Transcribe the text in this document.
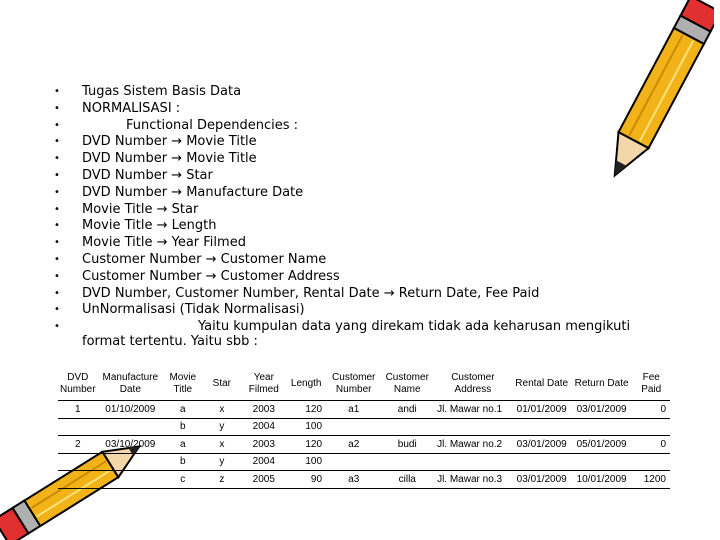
• Tugas Sistem Basis Data
• NORMALISASI :
•	Functional Dependencies :
• DVD Number → Movie Title
• DVD Number → Movie Title
• DVD Number → Star
• DVD Number → Manufacture Date
• Movie Title → Star
• Movie Title → Length
• Movie Title → Year Filmed
• Customer Number → Customer Name
• Customer Number → Customer Address
• DVD Number, Customer Number, Rental Date → Return Date, Fee Paid
• UnNormalisasi (Tidak Normalisasi)
•	Yaitu kumpulan data yang direkam tidak ada keharusan mengikuti
format tertentu. Yaitu sbb :
DVD Number	Manufacture Date	Movie Title	Star	Year Filmed	Length	Customer Number	Customer Name	Customer Address	Rental Date	Return Date	Fee Paid
1	01/10/2009	a	x	2003	120	a1	andi	Jl. Mawar no.1	01/01/2009	03/01/2009	0
		b	y	2004	100						
2	03/10/2009	a	x	2003	120	a2	budi	Jl. Mawar no.2	03/01/2009	05/01/2009	0
		b	y	2004	100						
		c	z	2005	90	a3	cilla	Jl. Mawar no.3	03/01/2009	10/01/2009	1200
